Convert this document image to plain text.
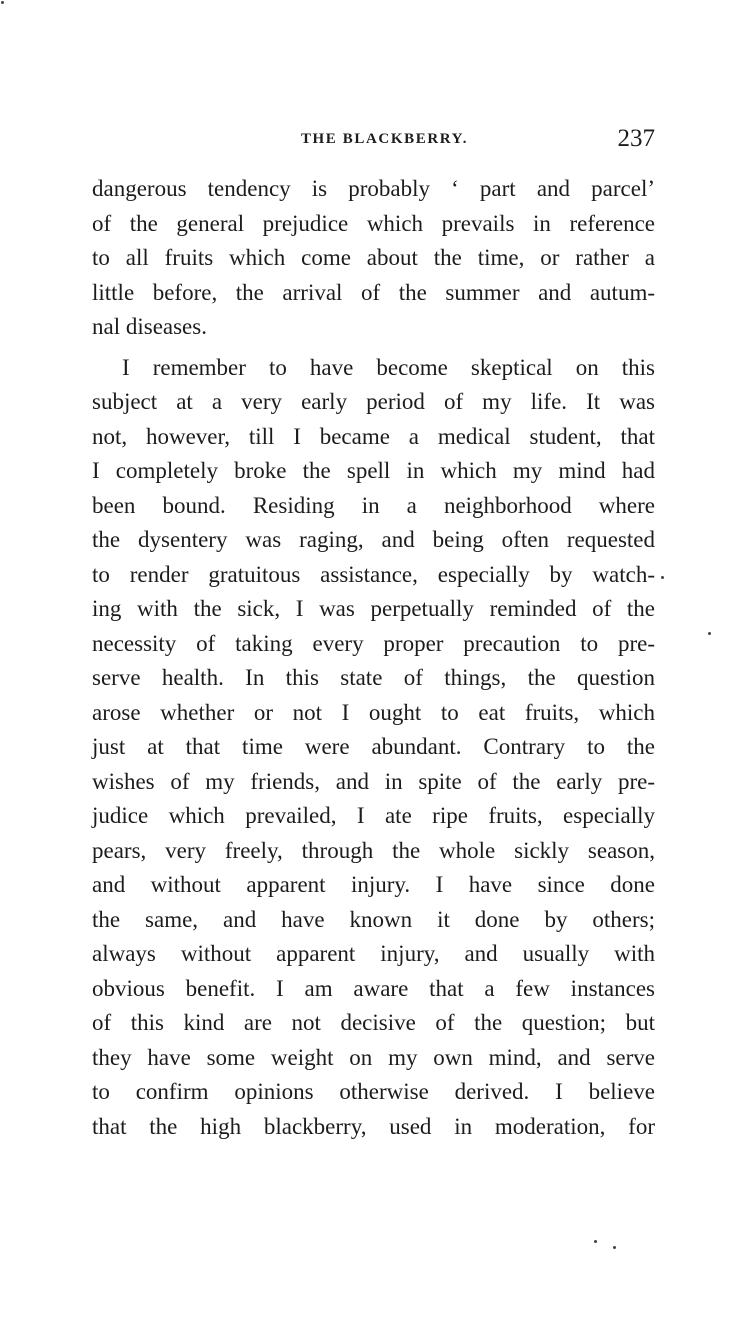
THE BLACKBERRY.	237
dangerous tendency is probably ‘ part and parcel’
of the general prejudice which prevails in reference
to all fruits which come about the time, or rather a
little before, the arrival of the summer and autum-
nal diseases.
I remember to have become skeptical on this
subject at a very early period of my life. It was
not, however, till I became a medical student, that
I completely broke the spell in which my mind had
been bound. Residing in a neighborhood where
the dysentery was raging, and being often requested
to render gratuitous assistance, especially by watch-
ing with the sick, I was perpetually reminded of the
necessity of taking every proper precaution to pre-
serve health. In this state of things, the question
arose whether or not I ought to eat fruits, which
just at that time were abundant. Contrary to the
wishes of my friends, and in spite of the early pre-
judice which prevailed, I ate ripe fruits, especially
pears, very freely, through the whole sickly season,
and without apparent injury. I have since done
the same, and have known it done by others;
always without apparent injury, and usually with
obvious benefit. I am aware that a few instances
of this kind are not decisive of the question; but
they have some weight on my own mind, and serve
to confirm opinions otherwise derived. I believe
that the high blackberry, used in moderation, for
